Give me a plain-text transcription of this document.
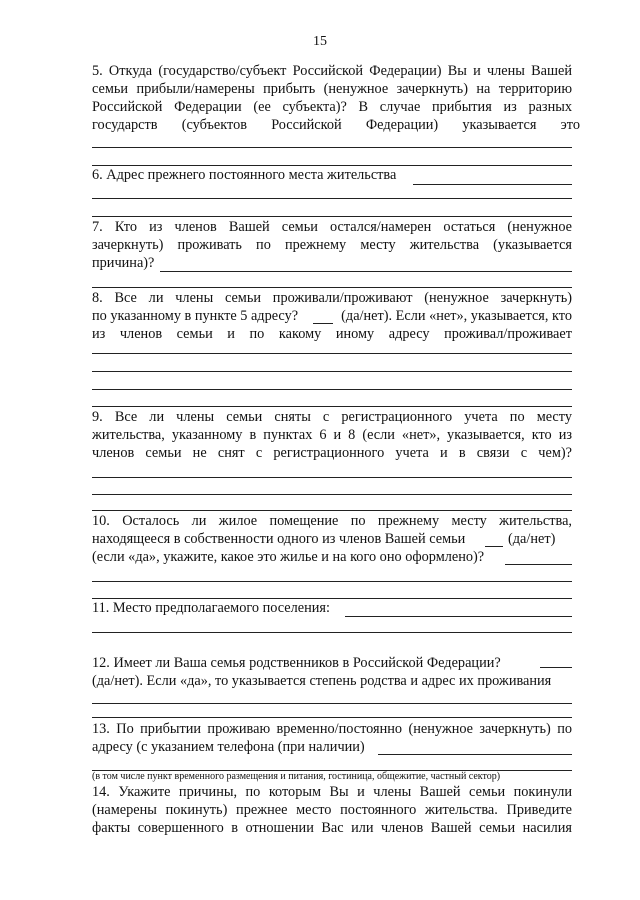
15
5. Откуда (государство/субъект Российской Федерации) Вы и члены Вашей
семьи прибыли/намерены прибыть (ненужное зачеркнуть) на территорию
Российской Федерации (ее субъекта)? В случае прибытия из разных
государств (субъектов Российской Федерации) указывается это
6. Адрес прежнего постоянного места жительства
7. Кто из членов Вашей семьи остался/намерен остаться (ненужное
зачеркнуть) проживать по прежнему месту жительства (указывается
причина)?
8. Все ли члены семьи проживали/проживают (ненужное зачеркнуть)
по указанному в пункте 5 адресу?	(да/нет). Если «нет», указывается, кто
из членов семьи и по какому иному адресу проживал/проживает
9. Все ли члены семьи сняты с регистрационного учета по месту
жительства, указанному в пунктах 6 и 8 (если «нет», указывается, кто из
членов семьи не снят с регистрационного учета и в связи с чем)?
10. Осталось ли жилое помещение по прежнему месту жительства,
находящееся в собственности одного из членов Вашей семьи	(да/нет)
(если «да», укажите, какое это жилье и на кого оно оформлено)?
11. Место предполагаемого поселения:
12. Имеет ли Ваша семья родственников в Российской Федерации?
(да/нет). Если «да», то указывается степень родства и адрес их проживания
13. По прибытии проживаю временно/постоянно (ненужное зачеркнуть) по
адресу (с указанием телефона (при наличии)
(в том числе пункт временного размещения и питания, гостиница, общежитие, частный сектор)
14. Укажите причины, по которым Вы и члены Вашей семьи покинули
(намерены покинуть) прежнее место постоянного жительства. Приведите
факты совершенного в отношении Вас или членов Вашей семьи насилия
